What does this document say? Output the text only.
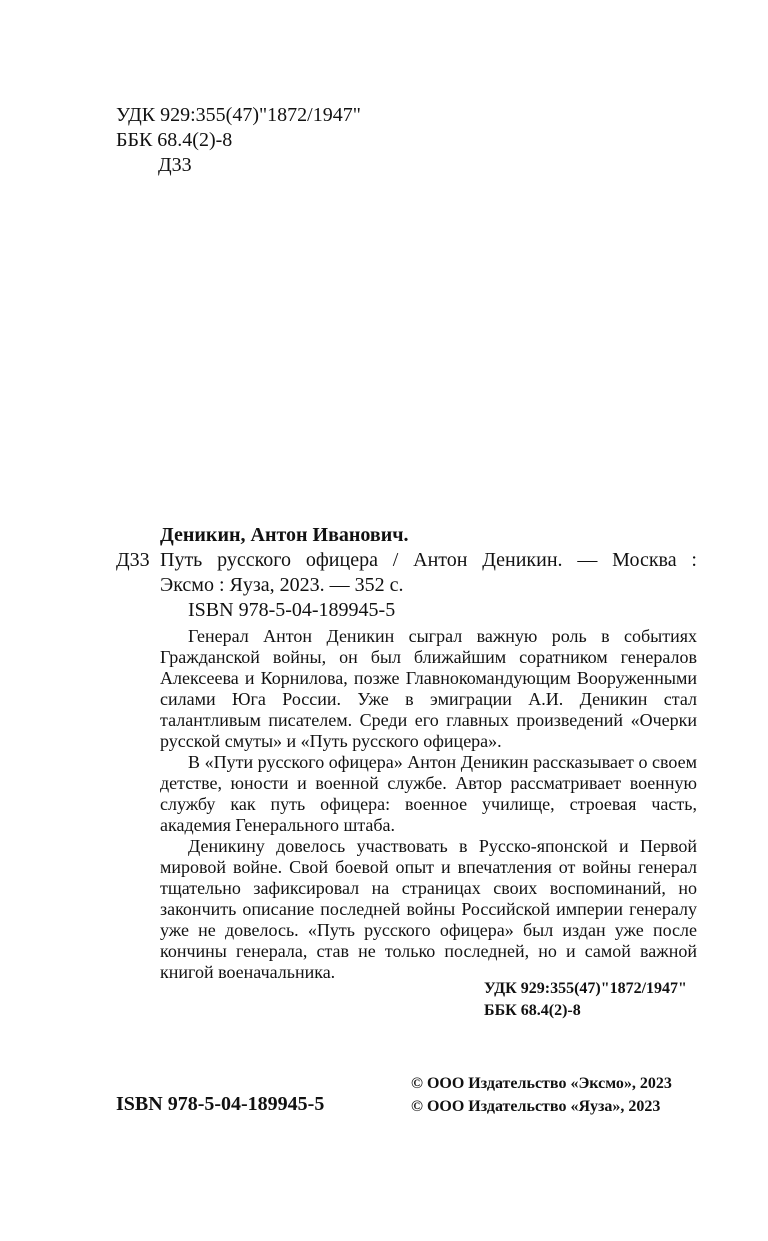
УДК 929:355(47)"1872/1947"
ББК 68.4(2)-8
Д33
Деникин, Антон Иванович.
Д33 Путь русского офицера / Антон Деникин. — Москва :
Эксмо : Яуза, 2023. — 352 с.
ISBN 978-5-04-189945-5

Генерал Антон Деникин сыграл важную роль в событиях Гражданской войны, он был ближайшим соратником генералов Алексеева и Корнилова, позже Главнокомандующим Вооруженными силами Юга России. Уже в эмиграции А.И. Деникин стал талантливым писателем. Среди его главных произведений «Очерки русской смуты» и «Путь русского офицера».

В «Пути русского офицера» Антон Деникин рассказывает о своем детстве, юности и военной службе. Автор рассматривает военную службу как путь офицера: военное училище, строевая часть, академия Генерального штаба.

Деникину довелось участвовать в Русско-японской и Первой мировой войне. Свой боевой опыт и впечатления от войны генерал тщательно зафиксировал на страницах своих воспоминаний, но закончить описание последней войны Российской империи генералу уже не довелось. «Путь русского офицера» был издан уже после кончины генерала, став не только последней, но и самой важной книгой военачальника.

УДК 929:355(47)"1872/1947"
ББК 68.4(2)-8
ISBN 978-5-04-189945-5
© ООО Издательство «Эксмо», 2023
© ООО Издательство «Яуза», 2023
